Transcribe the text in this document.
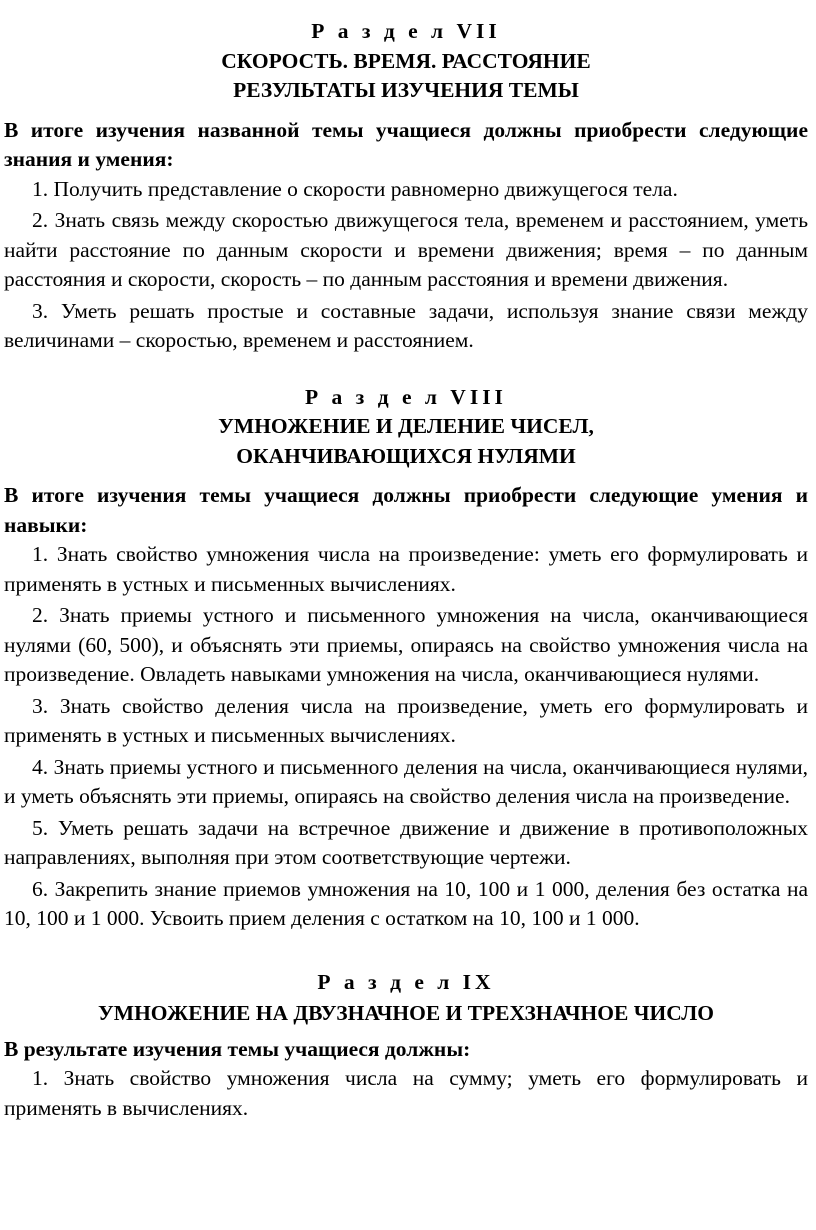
Р а з д е л VII

СКОРОСТЬ. ВРЕМЯ. РАССТОЯНИЕ

РЕЗУЛЬТАТЫ ИЗУЧЕНИЯ ТЕМЫ

В итоге изучения названной темы учащиеся должны приобрести следующие знания и умения:

1. Получить представление о скорости равномерно движущегося тела.

2. Знать связь между скоростью движущегося тела, временем и расстоянием, уметь найти расстояние по данным скорости и времени движения; время – по данным расстояния и скорости, скорость – по данным расстояния и времени движения.

3. Уметь решать простые и составные задачи, используя знание связи между величинами – скоростью, временем и расстоянием.

Р а з д е л VIII

УМНОЖЕНИЕ И ДЕЛЕНИЕ ЧИСЕЛ,

ОКАНЧИВАЮЩИХСЯ НУЛЯМИ

В итоге изучения темы учащиеся должны приобрести следующие умения и навыки:

1. Знать свойство умножения числа на произведение: уметь его формулировать и применять в устных и письменных вычислениях.

2. Знать приемы устного и письменного умножения на числа, оканчивающиеся нулями (60, 500), и объяснять эти приемы, опираясь на свойство умножения числа на произведение. Овладеть навыками умножения на числа, оканчивающиеся нулями.

3. Знать свойство деления числа на произведение, уметь его формулировать и применять в устных и письменных вычислениях.

4. Знать приемы устного и письменного деления на числа, оканчивающиеся нулями, и уметь объяснять эти приемы, опираясь на свойство деления числа на произведение.

5. Уметь решать задачи на встречное движение и движение в противоположных направлениях, выполняя при этом соответствующие чертежи.

6. Закрепить знание приемов умножения на 10, 100 и 1 000, деления без остатка на 10, 100 и 1 000. Усвоить прием деления с остатком на 10, 100 и 1 000.

Р а з д е л IX

УМНОЖЕНИЕ НА ДВУЗНАЧНОЕ И ТРЕХЗНАЧНОЕ ЧИСЛО

В результате изучения темы учащиеся должны:

1. Знать свойство умножения числа на сумму; уметь его формулировать и применять в вычислениях.
